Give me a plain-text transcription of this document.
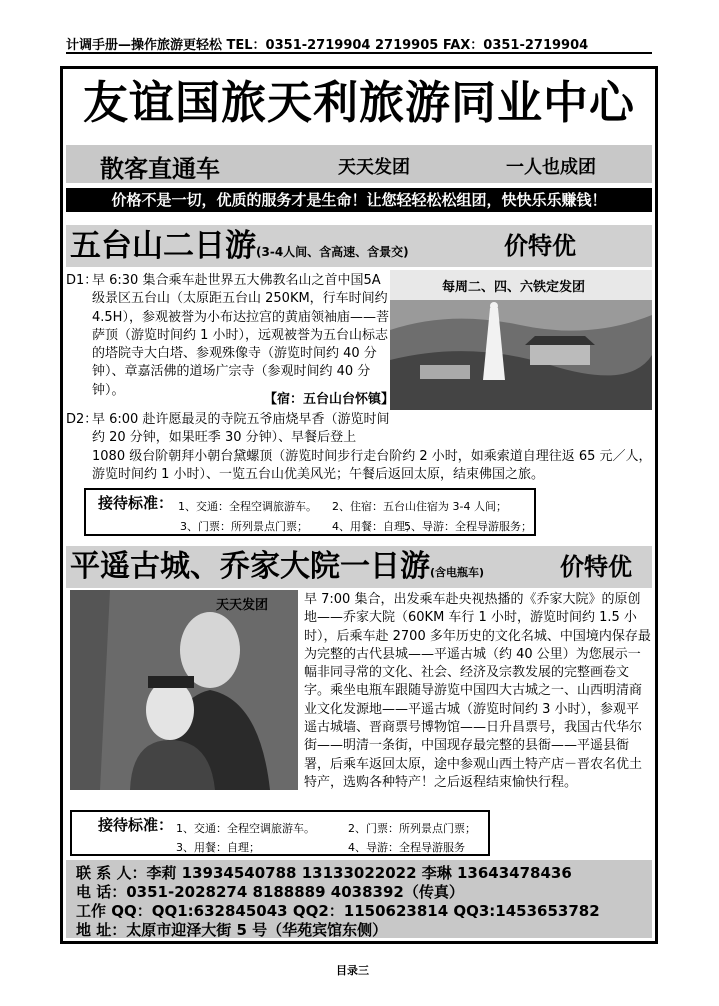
计调手册—操作旅游更轻松 TEL：0351-2719904 2719905 FAX：0351-2719904
友谊国旅天利旅游同业中心
散客直通车	天天发团	一人也成团
价格不是一切，优质的服务才是生命！让您轻轻松松组团，快快乐乐赚钱！
五台山二日游(3-4人间、含高速、含景交)	价特优
每周二、四、六铁定发团
D1：
早 6:30 集合乘车赴世界五大佛教名山之首中国5A 级景区五台山（太原距五台山 250KM，行车时间约 4.5H），参观被誉为小布达拉宫的黄庙领袖庙——菩萨顶（游览时间约 1 小时），远观被誉为五台山标志的塔院寺大白塔、参观殊像寺（游览时间约 40 分钟）、章嘉活佛的道场广宗寺（参观时间约 40 分钟）。
【宿：五台山台怀镇】
D2：
早 6:00 赴许愿最灵的寺院五爷庙烧早香（游览时间约 20 分钟，如果旺季 30 分钟）、早餐后登上
1080 级台阶朝拜小朝台黛螺顶（游览时间步行走台阶约 2 小时，如乘索道自理往返 65 元／人，游览时间约 1 小时）、一览五台山优美风光；午餐后返回太原，结束佛国之旅。
接待标准： 1、交通：全程空调旅游车。 2、住宿：五台山住宿为 3-4 人间；
3、门票：所列景点门票； 4、用餐：自理；
5、导游：全程导游服务；
平遥古城、乔家大院一日游(含电瓶车)	价特优
天天发团	早 7:00 集合，出发乘车赴央视热播的《乔家大院》的原创地——乔家大院（60KM 车行 1 小时，游览时间约 1.5 小时），后乘车赴 2700 多年历史的文化名城、中国境内保存最为完整的古代县城——平遥古城（约 40 公里）为您展示一幅非同寻常的文化、社会、经济及宗教发展的完整画卷文字。乘坐电瓶车跟随导游览中国四大古城之一、山西明清商业文化发源地——平遥古城（游览时间约 3 小时），参观平遥古城墙、晋商票号博物馆——日升昌票号，我国古代华尔街——明清一条街，中国现存最完整的县衙——平遥县衙署，后乘车返回太原，途中参观山西土特产店－晋农名优土特产，选购各种特产！之后返程结束愉快行程。
接待标准： 1、交通：全程空调旅游车。	2、门票：所列景点门票；
3、用餐：自理；	4、导游：全程导游服务
联 系 人：李莉 13934540788 13133022022 李琳 13643478436
电 话：0351-2028274 8188889 4038392（传真）
工作 QQ：QQ1:632845043 QQ2：1150623814 QQ3:1453653782
地 址：太原市迎泽大街 5 号（华苑宾馆东侧）
目录三
